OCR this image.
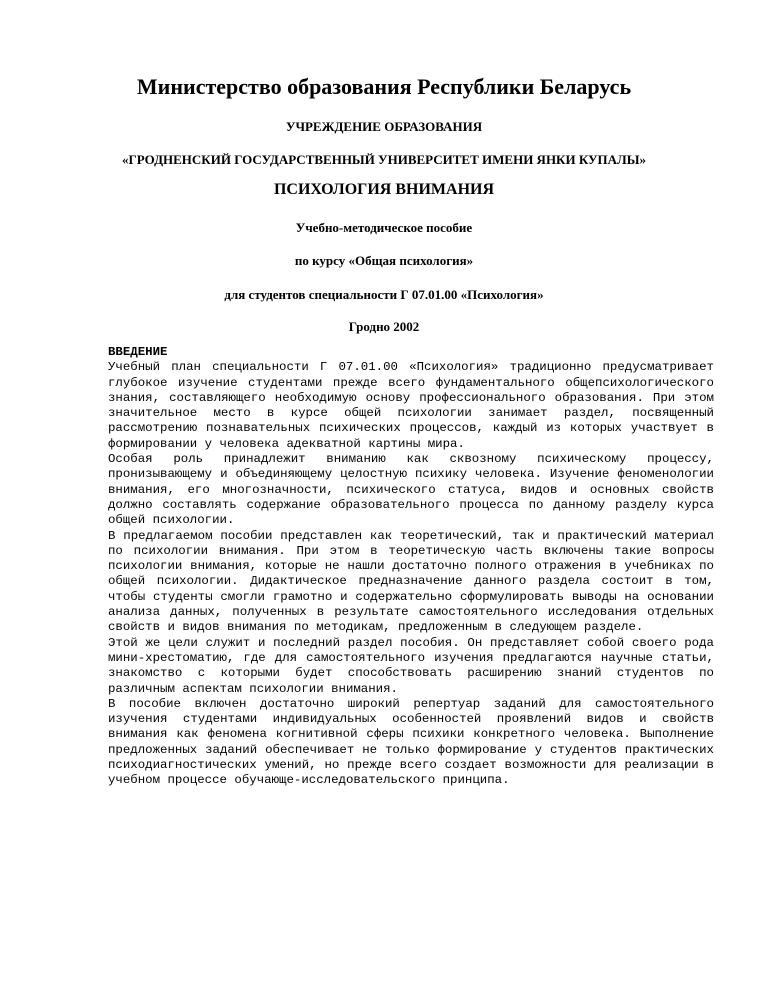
Министерство образования Республики Беларусь
УЧРЕЖДЕНИЕ ОБРАЗОВАНИЯ
«ГРОДНЕНСКИЙ ГОСУДАРСТВЕННЫЙ УНИВЕРСИТЕТ ИМЕНИ ЯНКИ КУПАЛЫ»
ПСИХОЛОГИЯ ВНИМАНИЯ
Учебно-методическое пособие
по курсу «Общая психология»
для студентов специальности Г 07.01.00 «Психология»
Гродно 2002
ВВЕДЕНИЕ

Учебный план специальности Г 07.01.00 «Психология» традиционно предусматривает глубокое изучение студентами прежде всего фундаментального общепсихологического знания, составляющего необходимую основу профессионального образования. При этом значительное место в курсе общей психологии занимает раздел, посвященный рассмотрению познавательных психических процессов, каждый из которых участвует в формировании у человека адекватной картины мира.

Особая роль принадлежит вниманию как сквозному психическому процессу, пронизывающему и объединяющему целостную психику человека. Изучение феноменологии внимания, его многозначности, психического статуса, видов и основных свойств должно составлять содержание образовательного процесса по данному разделу курса общей психологии.

В предлагаемом пособии представлен как теоретический, так и практический материал по психологии внимания. При этом в теоретическую часть включены такие вопросы психологии внимания, которые не нашли достаточно полного отражения в учебниках по общей психологии. Дидактическое предназначение данного раздела состоит в том, чтобы студенты смогли грамотно и содержательно сформулировать выводы на основании анализа данных, полученных в результате самостоятельного исследования отдельных свойств и видов внимания по методикам, предложенным в следующем разделе.

Этой же цели служит и последний раздел пособия. Он представляет собой своего рода мини-хрестоматию, где для самостоятельного изучения предлагаются научные статьи, знакомство с которыми будет способствовать расширению знаний студентов по различным аспектам психологии внимания.

В пособие включен достаточно широкий репертуар заданий для самостоятельного изучения студентами индивидуальных особенностей проявлений видов и свойств внимания как феномена когнитивной сферы психики конкретного человека. Выполнение предложенных заданий обеспечивает не только формирование у студентов практических психодиагностических умений, но прежде всего создает возможности для реализации в учебном процессе обучающе-исследовательского принципа.
